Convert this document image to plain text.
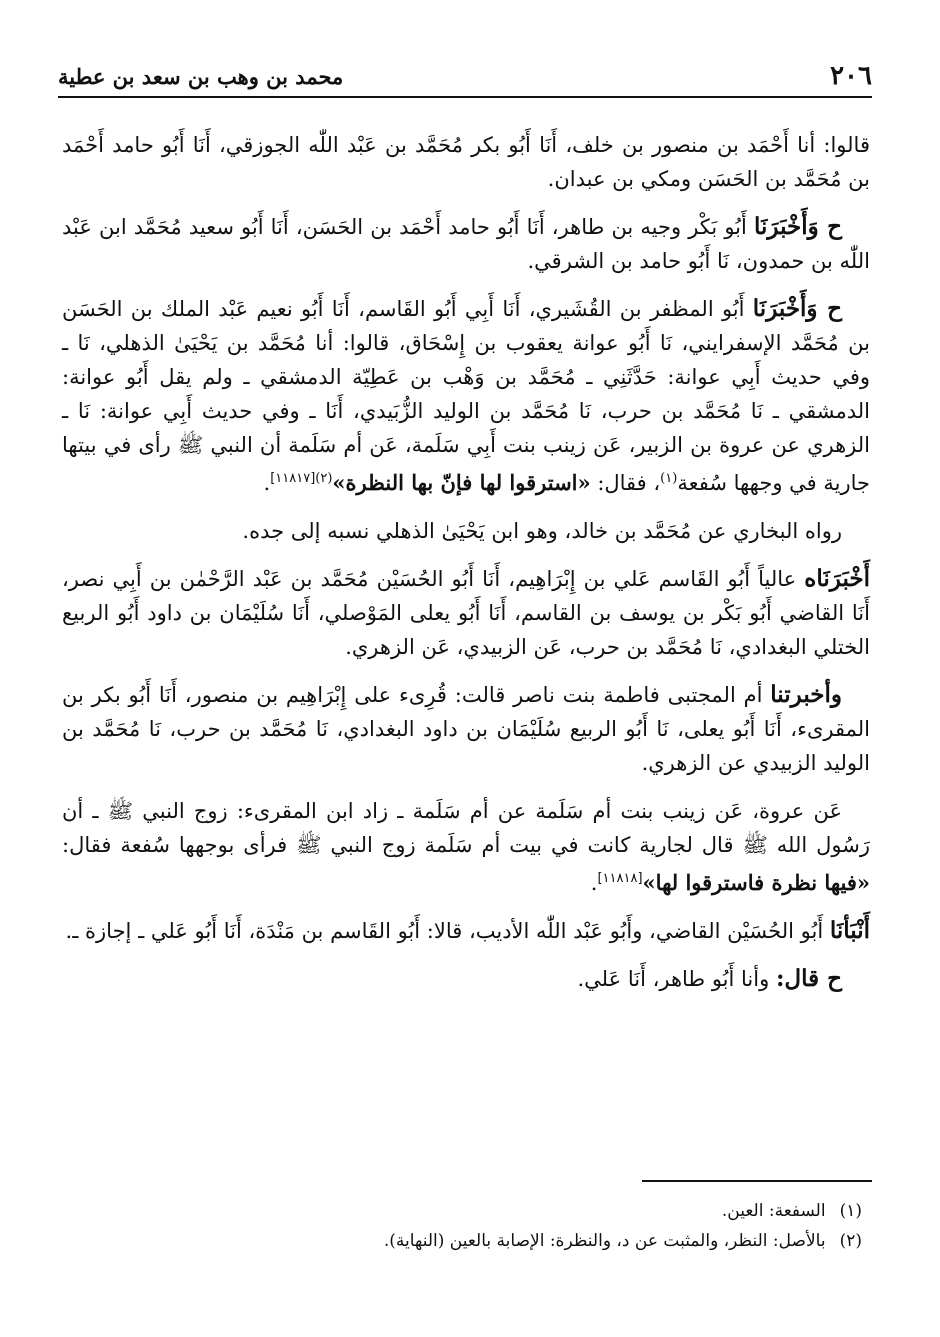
٢٠٦
محمد بن وهب بن سعد بن عطية

قالوا: أنا أَحْمَد بن منصور بن خلف، أَنَا أَبُو بكر مُحَمَّد بن عَبْد اللّٰه الجوزقي، أَنَا أَبُو حامد أَحْمَد بن مُحَمَّد بن الحَسَن ومكي بن عبدان.

ح وَأَخْبَرَنَا أَبُو بَكْر وجيه بن طاهر، أَنَا أَبُو حامد أَحْمَد بن الحَسَن، أَنَا أَبُو سعيد مُحَمَّد ابن عَبْد اللّٰه بن حمدون، نَا أَبُو حامد بن الشرقي.

ح وَأَخْبَرَنَا أَبُو المظفر بن القُشَيري، أَنَا أَبِي أَبُو القَاسم، أَنَا أَبُو نعيم عَبْد الملك بن الحَسَن بن مُحَمَّد الإسفرايني، نَا أَبُو عوانة يعقوب بن إِسْحَاق، قالوا: أنا مُحَمَّد بن يَحْيَىٰ الذهلي، نَا ـ وفي حديث أَبِي عوانة: حَدَّثَنِي ـ مُحَمَّد بن وَهْب بن عَطِيّة الدمشقي ـ ولم يقل أَبُو عوانة: الدمشقي ـ نَا مُحَمَّد بن حرب، نَا مُحَمَّد بن الوليد الزُّبَيدي، أَنَا ـ وفي حديث أَبِي عوانة: نَا ـ الزهري عن عروة بن الزبير، عَن زينب بنت أَبِي سَلَمة، عَن أم سَلَمة أن النبي ﷺ رأى في بيتها جارية في وجهها سُفعة$^{(١)}$، فقال: «استرقوا لها فإنّ بها النظرة»$^{(٢)[١١٨١٧]}$.

رواه البخاري عن مُحَمَّد بن خالد، وهو ابن يَحْيَىٰ الذهلي نسبه إلى جده.

أَخْبَرَنَاه عالياً أَبُو القَاسم عَلي بن إِبْرَاهِيم، أَنَا أَبُو الحُسَيْن مُحَمَّد بن عَبْد الرَّحْمٰن بن أَبِي نصر، أَنَا القاضي أَبُو بَكْر بن يوسف بن القاسم، أَنَا أَبُو يعلى المَوْصلي، أَنَا سُلَيْمَان بن داود أَبُو الربيع الختلي البغدادي، نَا مُحَمَّد بن حرب، عَن الزبيدي، عَن الزهري.

وأخبرتنا أم المجتبى فاطمة بنت ناصر قالت: قُرِىء على إِبْرَاهِيم بن منصور، أَنَا أَبُو بكر بن المقرىء، أَنَا أَبُو يعلى، نَا أَبُو الربيع سُلَيْمَان بن داود البغدادي، نَا مُحَمَّد بن حرب، نَا مُحَمَّد بن الوليد الزبيدي عن الزهري.

عَن عروة، عَن زينب بنت أم سَلَمة عن أم سَلَمة ـ زاد ابن المقرىء: زوج النبي ﷺ ـ أن رَسُول الله ﷺ قال لجارية كانت في بيت أم سَلَمة زوج النبي ﷺ فرأى بوجهها سُفعة فقال: «فيها نظرة فاسترقوا لها»[١١٨١٨].

أَنْبَأنَا أَبُو الحُسَيْن القاضي، وأَبُو عَبْد اللّٰه الأديب، قالا: أَبُو القَاسم بن مَنْدَة، أَنَا أَبُو عَلي ـ إجازة ـ.

ح قال: وأنا أَبُو طاهر، أَنَا عَلي.

(١)
السفعة: العين.
(٢)
بالأصل: النظر، والمثبت عن د، والنظرة: الإصابة بالعين (النهاية).
